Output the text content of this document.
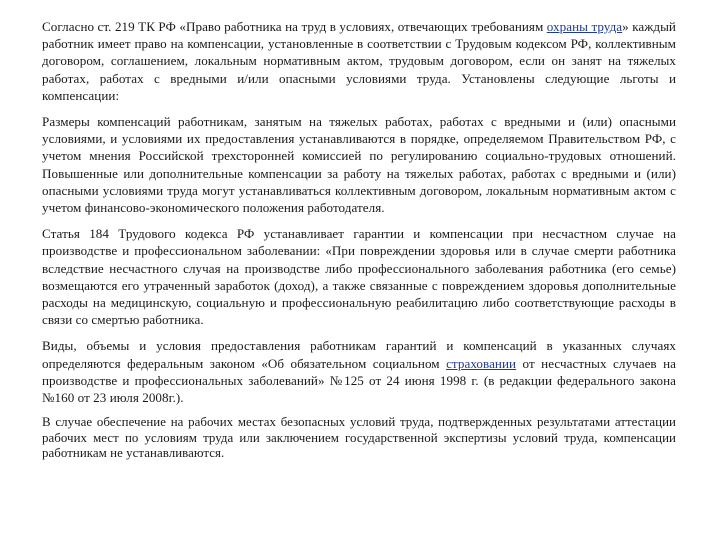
Согласно ст. 219 ТК РФ «Право работника на труд в условиях, отвечающих требованиям охраны труда» каждый работник имеет право на компенсации, установленные в соответствии с Трудовым кодексом РФ, коллективным договором, соглашением, локальным нормативным актом, трудовым договором, если он занят на тяжелых работах, работах с вредными и/или опасными условиями труда. Установлены следующие льготы и компенсации:

Размеры компенсаций работникам, занятым на тяжелых работах, работах с вредными и (или) опасными условиями, и условиями их предоставления устанавливаются в порядке, определяемом Правительством РФ, с учетом мнения Российской трехсторонней комиссией по регулированию социально-трудовых отношений. Повышенные или дополнительные компенсации за работу на тяжелых работах, работах с вредными и (или) опасными условиями труда могут устанавливаться коллективным договором, локальным нормативным актом с учетом финансово-экономического положения работодателя.

Статья 184 Трудового кодекса РФ устанавливает гарантии и компенсации при несчастном случае на производстве и профессиональном заболевании: «При повреждении здоровья или в случае смерти работника вследствие несчастного случая на производстве либо профессионального заболевания работника (его семье) возмещаются его утраченный заработок (доход), а также связанные с повреждением здоровья дополнительные расходы на медицинскую, социальную и профессиональную реабилитацию либо соответствующие расходы в связи со смертью работника.

Виды, объемы и условия предоставления работникам гарантий и компенсаций в указанных случаях определяются федеральным законом «Об обязательном социальном страховании от несчастных случаев на производстве и профессиональных заболеваний» №125 от 24 июня 1998 г. (в редакции федерального закона №160 от 23 июля 2008г.).

В случае обеспечение на рабочих местах безопасных условий труда, подтвержденных результатами аттестации рабочих мест по условиям труда или заключением государственной экспертизы условий труда, компенсации работникам не устанавливаются.
